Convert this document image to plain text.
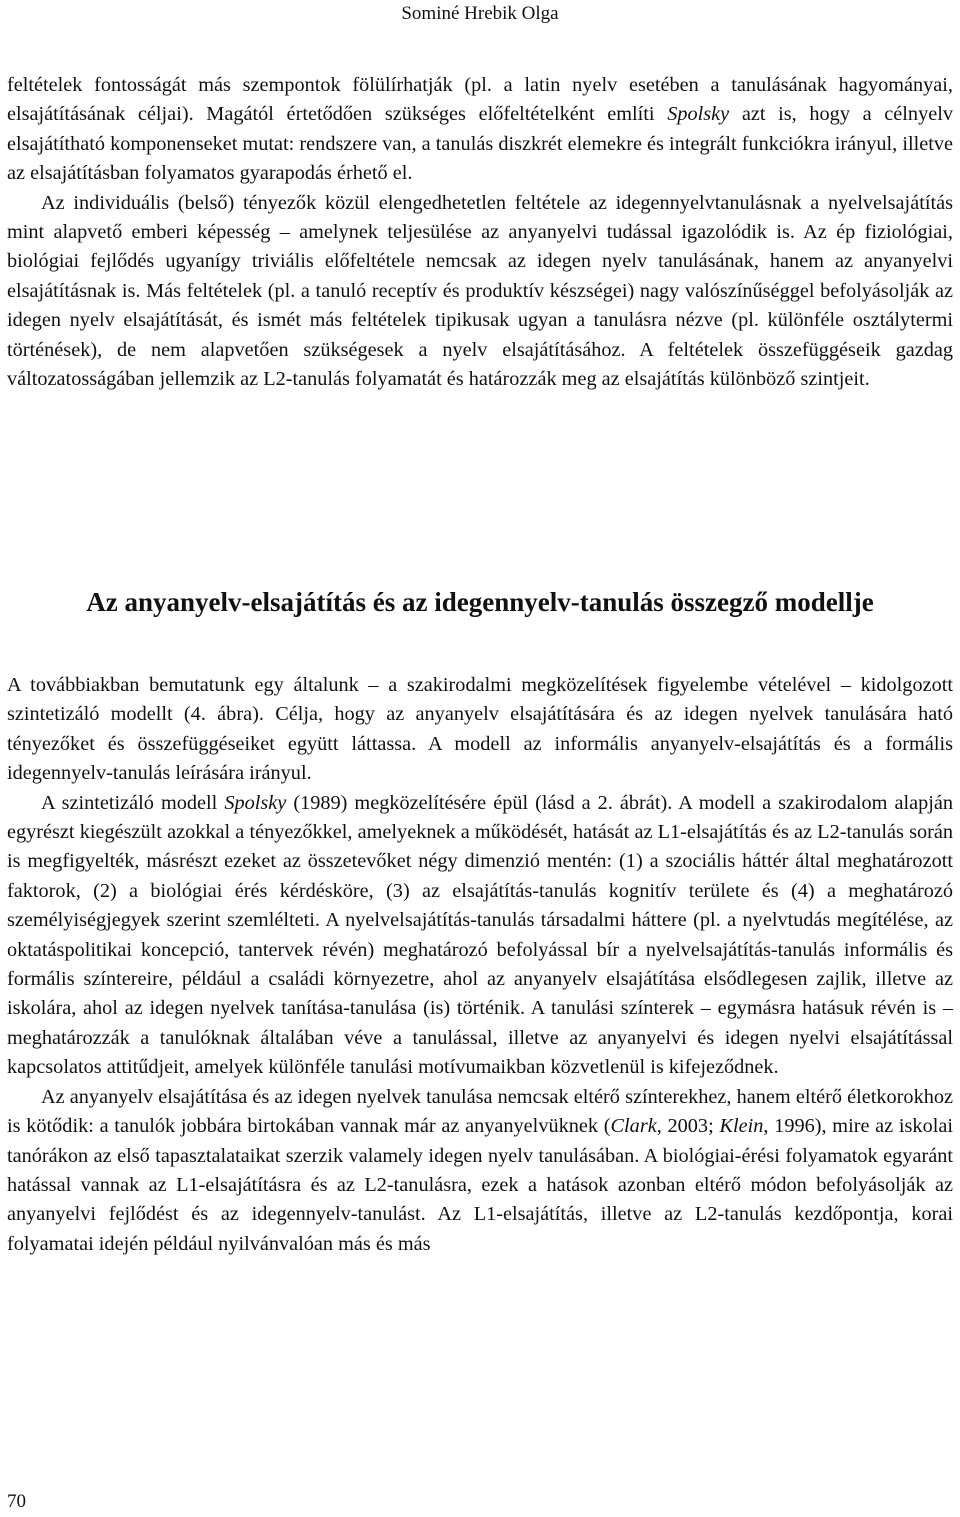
Sominé Hrebik Olga

feltételek fontosságát más szempontok fölülírhatják (pl. a latin nyelv esetében a tanulásának hagyományai, elsajátításának céljai). Magától értetődően szükséges előfeltételként említi Spolsky azt is, hogy a célnyelv elsajátítható komponenseket mutat: rendszere van, a tanulás diszkrét elemekre és integrált funkciókra irányul, illetve az elsajátításban folyamatos gyarapodás érhető el.

Az individuális (belső) tényezők közül elengedhetetlen feltétele az idegennyelvtanulásnak a nyelvelsajátítás mint alapvető emberi képesség – amelynek teljesülése az anyanyelvi tudással igazolódik is. Az ép fiziológiai, biológiai fejlődés ugyanígy triviális előfeltétele nemcsak az idegen nyelv tanulásának, hanem az anyanyelvi elsajátításnak is. Más feltételek (pl. a tanuló receptív és produktív készségei) nagy valószínűséggel befolyásolják az idegen nyelv elsajátítását, és ismét más feltételek tipikusak ugyan a tanulásra nézve (pl. különféle osztálytermi történések), de nem alapvetően szükségesek a nyelv elsajátításához. A feltételek összefüggéseik gazdag változatosságában jellemzik az L2-tanulás folyamatát és határozzák meg az elsajátítás különböző szintjeit.

Az anyanyelv-elsajátítás és az idegennyelv-tanulás összegző modellje

A továbbiakban bemutatunk egy általunk – a szakirodalmi megközelítések figyelembe vételével – kidolgozott szintetizáló modellt (4. ábra). Célja, hogy az anyanyelv elsajátítására és az idegen nyelvek tanulására ható tényezőket és összefüggéseiket együtt láttassa. A modell az informális anyanyelv-elsajátítás és a formális idegennyelv-tanulás leírására irányul.

A szintetizáló modell Spolsky (1989) megközelítésére épül (lásd a 2. ábrát). A modell a szakirodalom alapján egyrészt kiegészült azokkal a tényezőkkel, amelyeknek a működését, hatását az L1-elsajátítás és az L2-tanulás során is megfigyelték, másrészt ezeket az összetevőket négy dimenzió mentén: (1) a szociális háttér által meghatározott faktorok, (2) a biológiai érés kérdésköre, (3) az elsajátítás-tanulás kognitív területe és (4) a meghatározó személyiségjegyek szerint szemlélteti. A nyelvelsajátítás-tanulás társadalmi háttere (pl. a nyelvtudás megítélése, az oktatáspolitikai koncepció, tantervek révén) meghatározó befolyással bír a nyelvelsajátítás-tanulás informális és formális színtereire, például a családi környezetre, ahol az anyanyelv elsajátítása elsődlegesen zajlik, illetve az iskolára, ahol az idegen nyelvek tanítása-tanulása (is) történik. A tanulási színterek – egymásra hatásuk révén is – meghatározzák a tanulóknak általában véve a tanulással, illetve az anyanyelvi és idegen nyelvi elsajátítással kapcsolatos attitűdjeit, amelyek különféle tanulási motívumaikban közvetlenül is kifejeződnek.

Az anyanyelv elsajátítása és az idegen nyelvek tanulása nemcsak eltérő színterekhez, hanem eltérő életkorokhoz is kötődik: a tanulók jobbára birtokában vannak már az anyanyelvüknek (Clark, 2003; Klein, 1996), mire az iskolai tanórákon az első tapasztalataikat szerzik valamely idegen nyelv tanulásában. A biológiai-érési folyamatok egyaránt hatással vannak az L1-elsajátításra és az L2-tanulásra, ezek a hatások azonban eltérő módon befolyásolják az anyanyelvi fejlődést és az idegennyelv-tanulást. Az L1-elsajátítás, illetve az L2-tanulás kezdőpontja, korai folyamatai idején például nyilvánvalóan más és más

70
